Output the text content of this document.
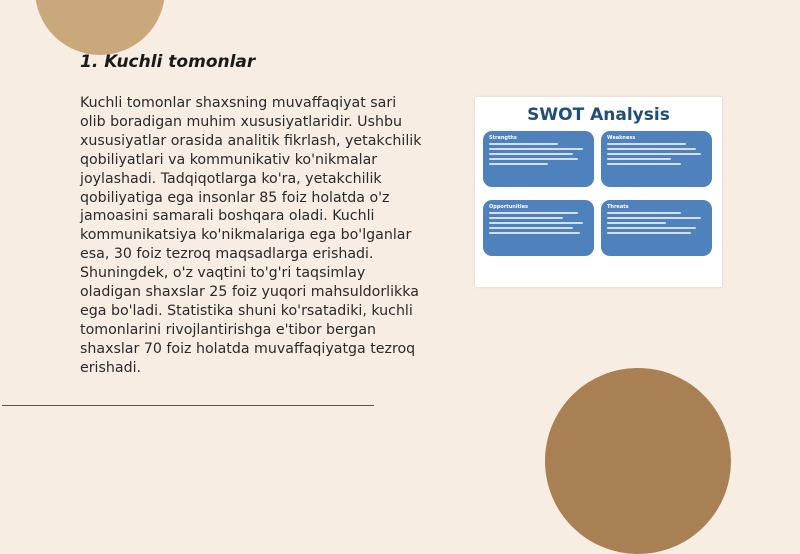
1. Kuchli tomonlar
Kuchli tomonlar shaxsning muvaffaqiyat sari olib boradigan muhim xususiyatlaridir. Ushbu xususiyatlar orasida analitik fikrlash, yetakchilik qobiliyatlari va kommunikativ ko'nikmalar joylashadi. Tadqiqotlarga ko'ra, yetakchilik qobiliyatiga ega insonlar 85 foiz holatda o'z jamoasini samarali boshqara oladi. Kuchli kommunikatsiya ko'nikmalariga ega bo'lganlar esa, 30 foiz tezroq maqsadlarga erishadi. Shuningdek, o'z vaqtini to'g'ri taqsimlay oladigan shaxslar 25 foiz yuqori mahsuldorlikka ega bo'ladi. Statistika shuni ko'rsatadiki, kuchli tomonlarini rivojlantirishga e'tibor bergan shaxslar 70 foiz holatda muvaffaqiyatga tezroq erishadi.
SWOT Analysis
Strengths	Weakness
Opportunities	Threats
